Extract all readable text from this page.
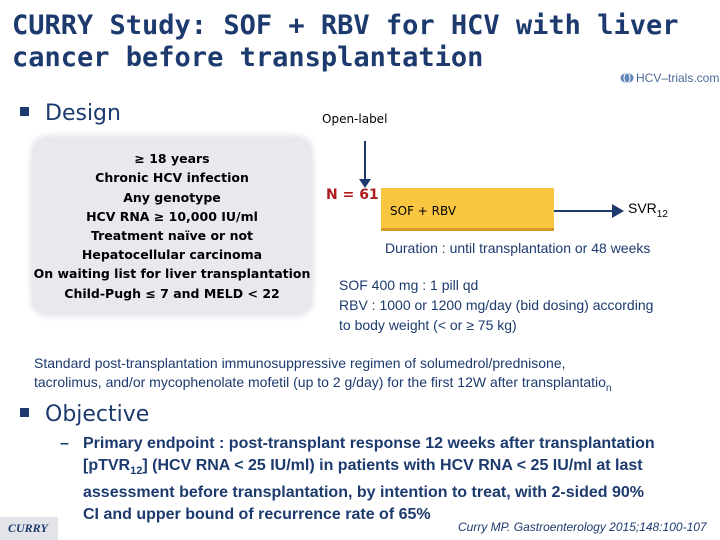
CURRY Study: SOF + RBV for HCV with liver
cancer before transplantation
HCV–trials.com
Design
≥ 18 years
Chronic HCV infection
Any genotype
HCV RNA ≥ 10,000 IU/ml
Treatment naïve or not
Hepatocellular carcinoma
On waiting list for liver transplantation
Child-Pugh ≤ 7 and MELD < 22
Open-label
N = 61
SOF + RBV	$SVR_{12}$
Duration : until transplantation or 48 weeks
SOF 400 mg : 1 pill qd
RBV : 1000 or 1200 mg/day (bid dosing) according
to body weight (< or ≥ 75 kg)
Standard post-transplantation immunosuppressive regimen of solumedrol/prednisone,
tacrolimus, and/or mycophenolate mofetil (up to 2 g/day) for the first 12W after transplantatio$_n$
Objective
– Primary endpoint : post-transplant response 12 weeks after transplantation
[pTVR$_{12}$] (HCV RNA < 25 IU/ml) in patients with HCV RNA < 25 IU/ml at last
assessment before transplantation, by intention to treat, with 2-sided 90%
CI and upper bound of recurrence rate of 65%
CURRY	Curry MP. Gastroenterology 2015;148:100-107
